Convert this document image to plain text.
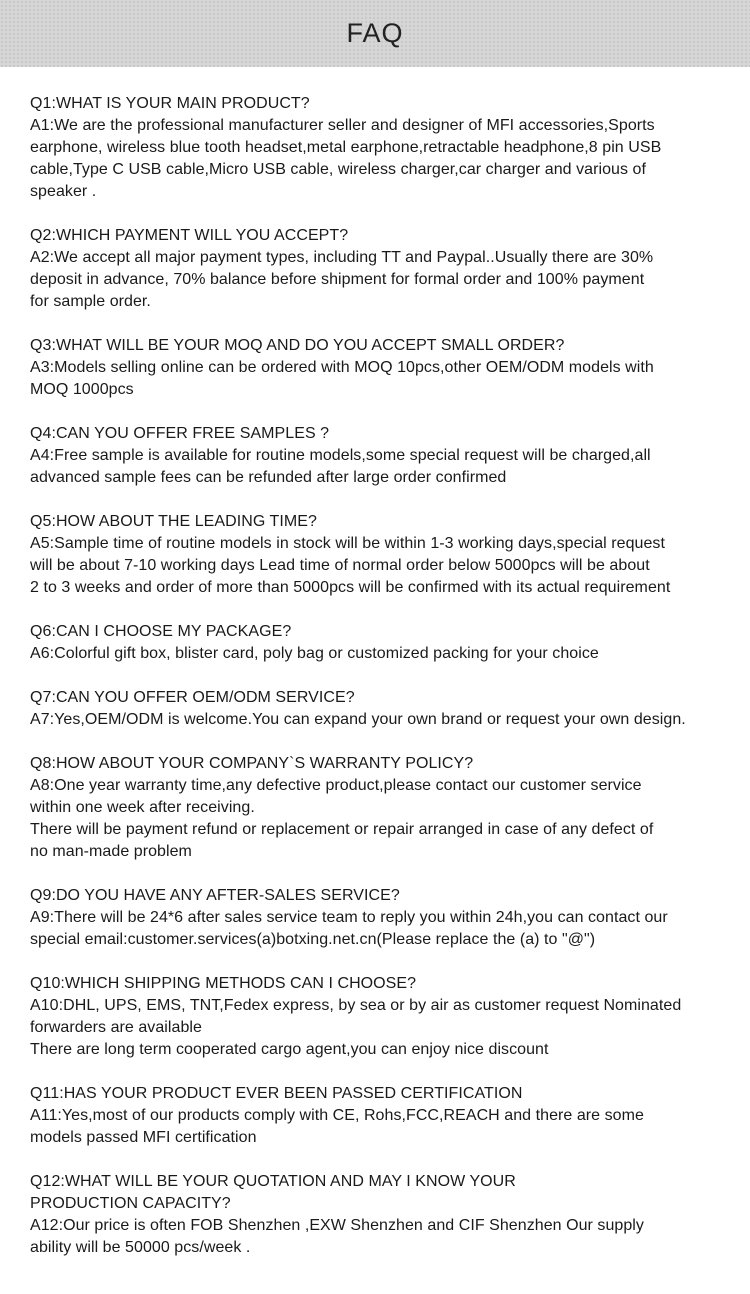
FAQ
Q1:WHAT IS YOUR MAIN PRODUCT?
A1:We are the professional manufacturer seller and designer of MFI accessories,Sports
earphone, wireless blue tooth headset,metal earphone,retractable headphone,8 pin USB
cable,Type C USB cable,Micro USB cable, wireless charger,car charger and various of
speaker .
Q2:WHICH PAYMENT WILL YOU ACCEPT?
A2:We accept all major payment types, including TT and Paypal..Usually there are 30%
deposit in advance, 70% balance before shipment for formal order and 100% payment
for sample order.
Q3:WHAT WILL BE YOUR MOQ AND DO YOU ACCEPT SMALL ORDER?
A3:Models selling online can be ordered with MOQ 10pcs,other OEM/ODM models with
MOQ 1000pcs
Q4:CAN YOU OFFER FREE SAMPLES ?
A4:Free sample is available for routine models,some special request will be charged,all
advanced sample fees can be refunded after large order confirmed
Q5:HOW ABOUT THE LEADING TIME?
A5:Sample time of routine models in stock will be within 1-3 working days,special request
will be about 7-10 working days Lead time of normal order below 5000pcs will be about
2 to 3 weeks and order of more than 5000pcs will be confirmed with its actual requirement
Q6:CAN I CHOOSE MY PACKAGE?
A6:Colorful gift box, blister card, poly bag or customized packing for your choice
Q7:CAN YOU OFFER OEM/ODM SERVICE?
A7:Yes,OEM/ODM is welcome.You can expand your own brand or request your own design.
Q8:HOW ABOUT YOUR COMPANY`S WARRANTY POLICY?
A8:One year warranty time,any defective product,please contact our customer service
within one week after receiving.
There will be payment refund or replacement or repair arranged in case of any defect of
no man-made problem
Q9:DO YOU HAVE ANY AFTER-SALES SERVICE?
A9:There will be 24*6 after sales service team to reply you within 24h,you can contact our
special email:customer.services(a)botxing.net.cn(Please replace the (a) to "@")
Q10:WHICH SHIPPING METHODS CAN I CHOOSE?
A10:DHL, UPS, EMS, TNT,Fedex express, by sea or by air as customer request Nominated
forwarders are available
There are long term cooperated cargo agent,you can enjoy nice discount
Q11:HAS YOUR PRODUCT EVER BEEN PASSED CERTIFICATION
A11:Yes,most of our products comply with CE, Rohs,FCC,REACH and there are some
models passed MFI certification
Q12:WHAT WILL BE YOUR QUOTATION AND MAY I KNOW YOUR
PRODUCTION CAPACITY?
A12:Our price is often FOB Shenzhen ,EXW Shenzhen and CIF Shenzhen Our supply
ability will be 50000 pcs/week .
